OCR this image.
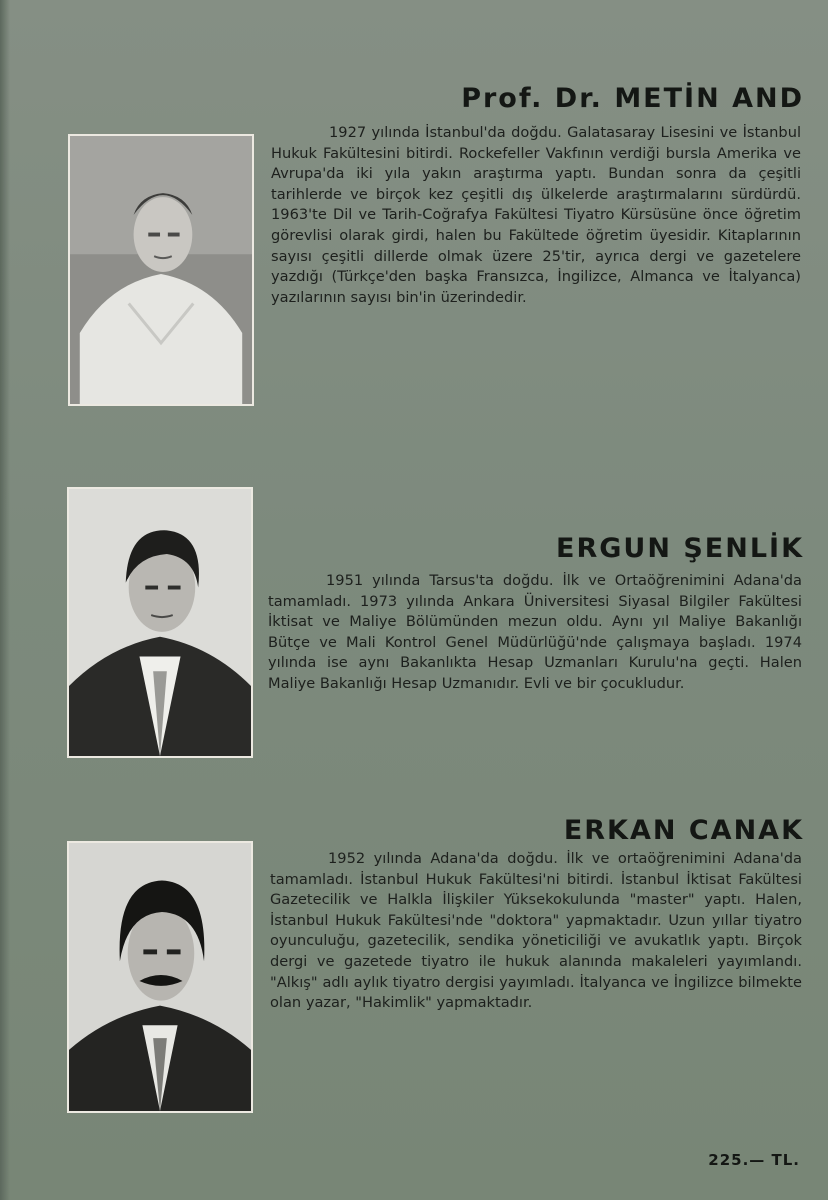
Prof. Dr. METİN AND

1927 yılında İstanbul'da doğdu. Galatasaray Lisesini ve İstanbul Hukuk Fakültesini bitirdi. Rockefeller Vakfının verdiği bursla Amerika ve Avrupa'da iki yıla yakın araştırma yaptı. Bundan sonra da çeşitli tarihlerde ve birçok kez çeşitli dış ülkelerde araştırmalarını sürdürdü. 1963'te Dil ve Tarih-Coğrafya Fakültesi Tiyatro Kürsüsüne önce öğretim görevlisi olarak girdi, halen bu Fakültede öğretim üyesidir. Kitaplarının sayısı çeşitli dillerde olmak üzere 25'tir, ayrıca dergi ve gazetelere yazdığı (Türkçe'den başka Fransızca, İngilizce, Almanca ve İtalyanca) yazılarının sayısı bin'in üzerindedir.

ERGUN ŞENLİK

1951 yılında Tarsus'ta doğdu. İlk ve Ortaöğrenimini Adana'da tamamladı. 1973 yılında Ankara Üniversitesi Siyasal Bilgiler Fakültesi İktisat ve Maliye Bölümünden mezun oldu. Aynı yıl Maliye Bakanlığı Bütçe ve Mali Kontrol Genel Müdürlüğü'nde çalışmaya başladı. 1974 yılında ise aynı Bakanlıkta Hesap Uzmanları Kurulu'na geçti. Halen Maliye Bakanlığı Hesap Uzmanıdır. Evli ve bir çocukludur.

ERKAN CANAK

1952 yılında Adana'da doğdu. İlk ve ortaöğrenimini Adana'da tamamladı. İstanbul Hukuk Fakültesi'ni bitirdi. İstanbul İktisat Fakültesi Gazetecilik ve Halkla İlişkiler Yüksekokulunda "master" yaptı. Halen, İstanbul Hukuk Fakültesi'nde "doktora" yapmaktadır. Uzun yıllar tiyatro oyunculuğu, gazetecilik, sendika yöneticiliği ve avukatlık yaptı. Birçok dergi ve gazetede tiyatro ile hukuk alanında makaleleri yayımlandı. "Alkış" adlı aylık tiyatro dergisi yayımladı. İtalyanca ve İngilizce bilmekte olan yazar, "Hakimlik" yapmaktadır.

225.— TL.
